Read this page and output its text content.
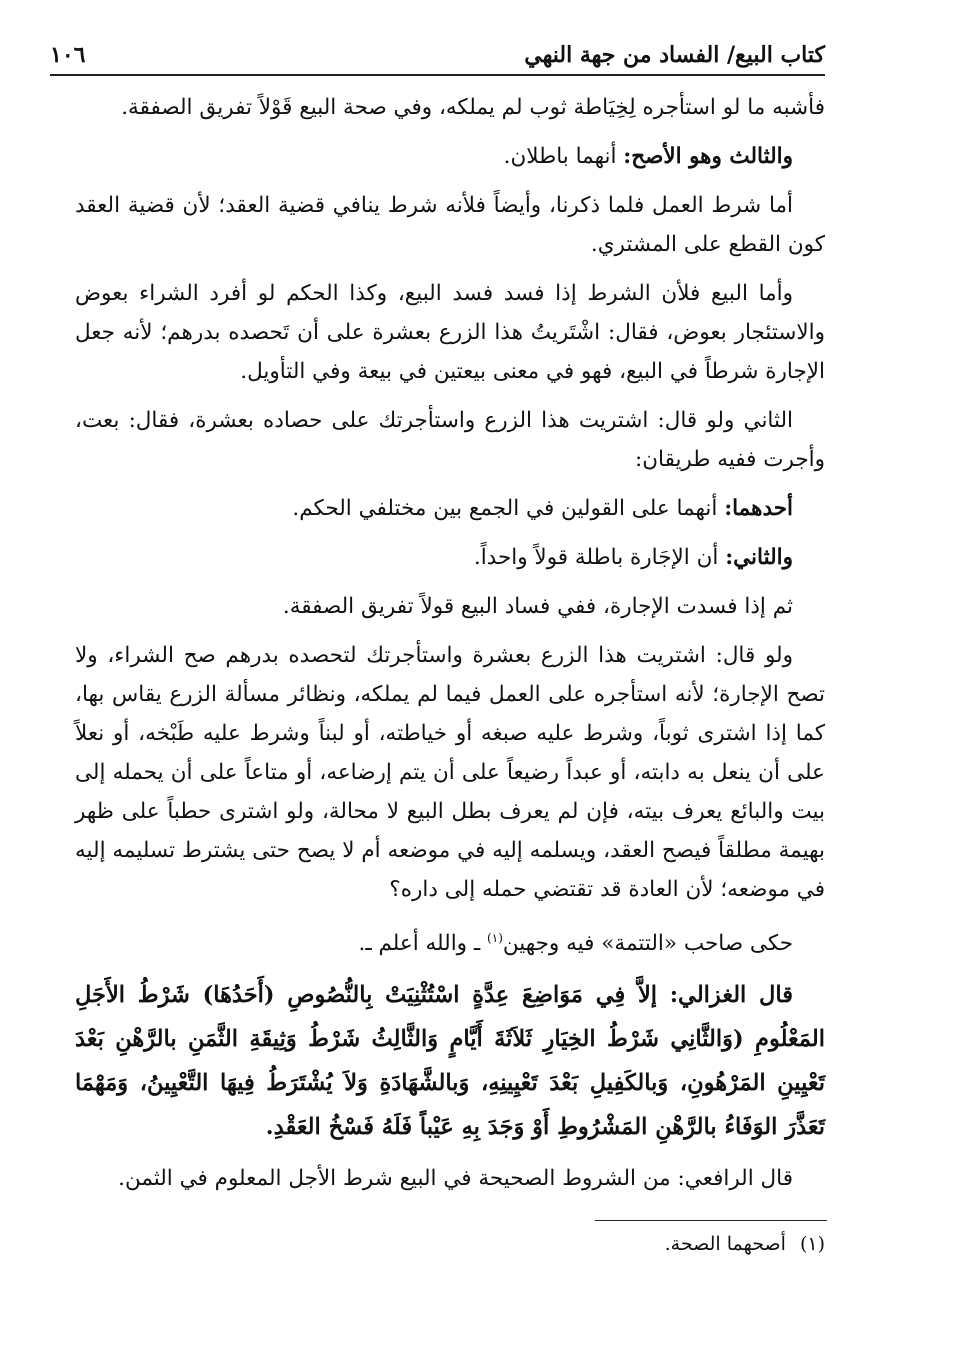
كتاب البيع/ الفساد من جهة النهي
١٠٦

فأشبه ما لو استأجره لِخِيَاطة ثوب لم يملكه، وفي صحة البيع قَوْلاً تفريق الصفقة.

والثالث وهو الأصح: أنهما باطلان.

أما شرط العمل فلما ذكرنا، وأيضاً فلأنه شرط ينافي قضية العقد؛ لأن قضية العقد كون القطع على المشتري.

وأما البيع فلأن الشرط إذا فسد فسد البيع، وكذا الحكم لو أفرد الشراء بعوض والاستئجار بعوض، فقال: اشْتَريتُ هذا الزرع بعشرة على أن تَحصده بدرهم؛ لأنه جعل الإجارة شرطاً في البيع، فهو في معنى بيعتين في بيعة وفي التأويل.

الثاني ولو قال: اشتريت هذا الزرع واستأجرتك على حصاده بعشرة، فقال: بعت، وأجرت ففيه طريقان:

أحدهما: أنهما على القولين في الجمع بين مختلفي الحكم.

والثاني: أن الإجَارة باطلة قولاً واحداً.

ثم إذا فسدت الإجارة، ففي فساد البيع قولاً تفريق الصفقة.

ولو قال: اشتريت هذا الزرع بعشرة واستأجرتك لتحصده بدرهم صح الشراء، ولا تصح الإجارة؛ لأنه استأجره على العمل فيما لم يملكه، ونظائر مسألة الزرع يقاس بها، كما إذا اشترى ثوباً، وشرط عليه صبغه أو خياطته، أو لبناً وشرط عليه طَبْخه، أو نعلاً على أن ينعل به دابته، أو عبداً رضيعاً على أن يتم إرضاعه، أو متاعاً على أن يحمله إلى بيت والبائع يعرف بيته، فإن لم يعرف بطل البيع لا محالة، ولو اشترى حطباً على ظهر بهيمة مطلقاً فيصح العقد، ويسلمه إليه في موضعه أم لا يصح حتى يشترط تسليمه إليه في موضعه؛ لأن العادة قد تقتضي حمله إلى داره؟

حكى صاحب «التتمة» فيه وجهين$^{(١)}$ ـ والله أعلم ـ.

قال الغزالي: إلاَّ فِي مَوَاضِعَ عِدَّةٍ اسْتُثْنِيَتْ بِالنُّصُوصِ (أَحَدُهَا) شَرْطُ الأَجَلِ المَعْلُومِ (وَالثَّانِي شَرْطُ الخِيَارِ ثَلاَثَةَ أَيَّامٍ وَالثَّالِثُ شَرْطُ وَثِيقَةِ الثَّمَنِ بالرَّهْنِ بَعْدَ تَعْيِينِ المَرْهُونِ، وَبالكَفِيلِ بَعْدَ تَعْيِينِهِ، وَبالشَّهَادَةِ وَلاَ يُشْتَرَطُ فِيهَا التَّعْيِينُ، وَمَهْمَا تَعَذَّرَ الوَفَاءُ بالرَّهْنِ المَشْرُوطِ أَوْ وَجَدَ بِهِ عَيْباً فَلَهُ فَسْخُ العَقْدِ.

قال الرافعي: من الشروط الصحيحة في البيع شرط الأجل المعلوم في الثمن.

(١)أصحهما الصحة.
